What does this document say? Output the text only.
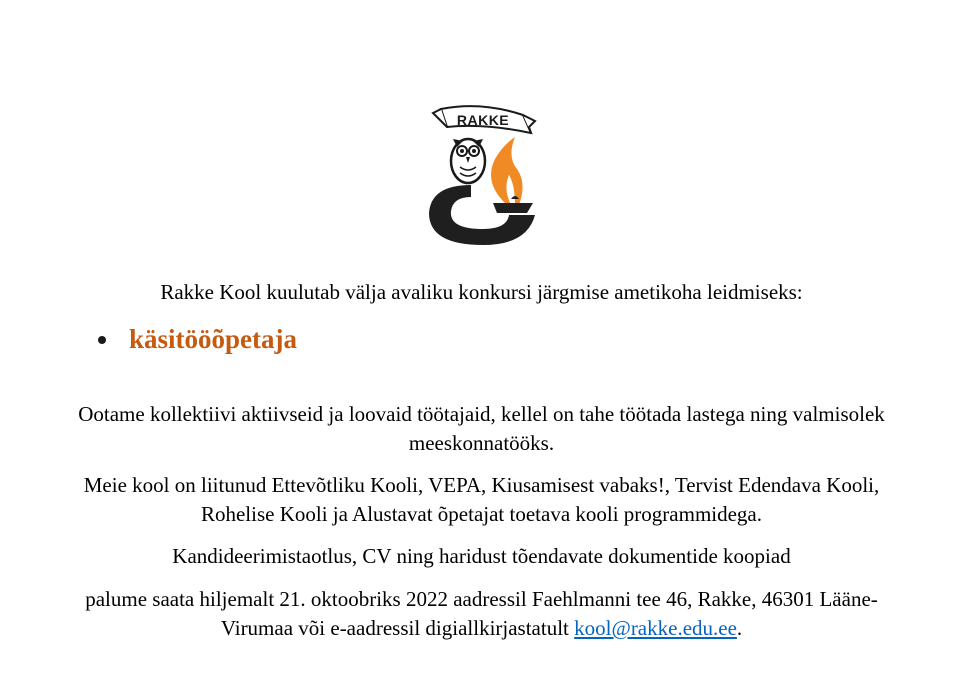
RAKKE
Rakke Kool kuulutab välja avaliku konkursi järgmise ametikoha leidmiseks:
käsitööõpetaja
Ootame kollektiivi aktiivseid ja loovaid töötajaid, kellel on tahe töötada lastega ning valmisolek meeskonnatööks.
Meie kool on liitunud Ettevõtliku Kooli, VEPA, Kiusamisest vabaks!, Tervist Edendava Kooli, Rohelise Kooli ja Alustavat õpetajat toetava kooli programmidega.
Kandideerimistaotlus, CV ning haridust tõendavate dokumentide koopiad
palume saata hiljemalt 21. oktoobriks 2022 aadressil Faehlmanni tee 46, Rakke, 46301 Lääne-Virumaa või e-aadressil digiallkirjastatult kool@rakke.edu.ee.
